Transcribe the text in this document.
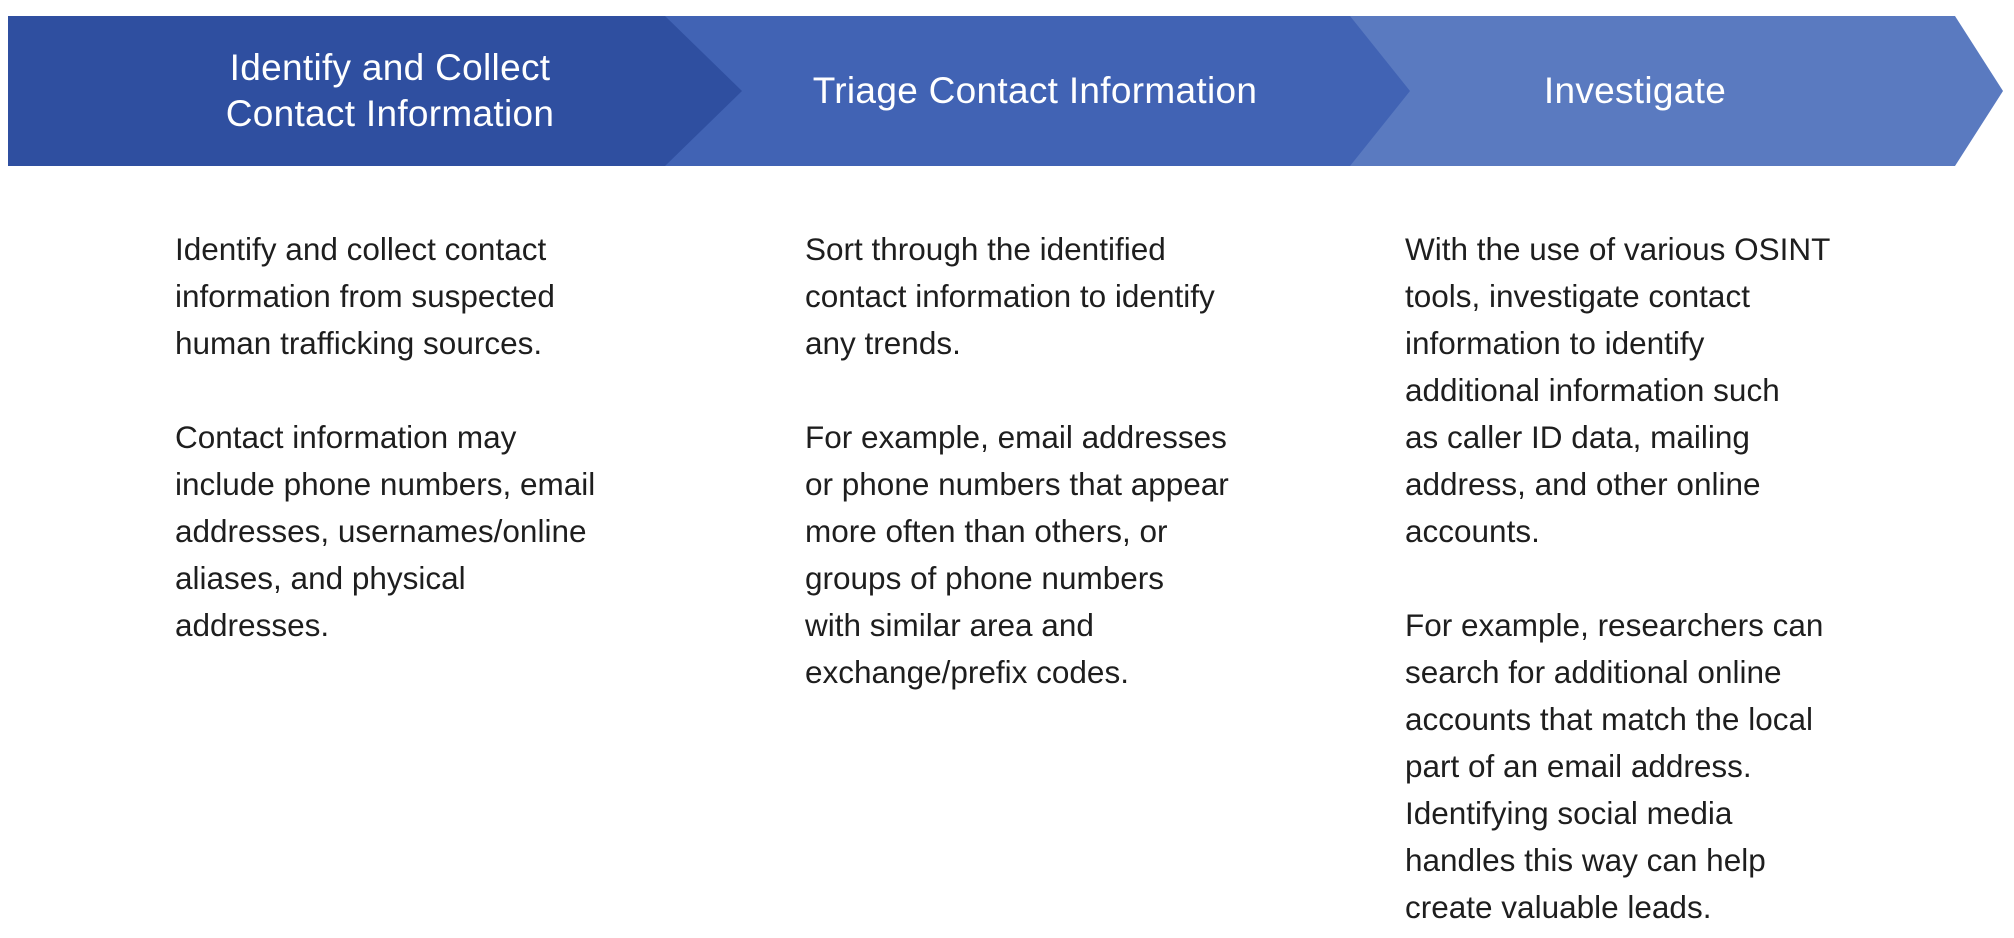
Identify and Collect
Contact Information
Triage Contact Information	Investigate

Identify and collect contact
information from suspected
human trafficking sources.

Contact information may
include phone numbers, email
addresses, usernames/online
aliases, and physical
addresses.

Sort through the identified
contact information to identify
any trends.

For example, email addresses
or phone numbers that appear
more often than others, or
groups of phone numbers
with similar area and
exchange/prefix codes.

With the use of various OSINT
tools, investigate contact
information to identify
additional information such
as caller ID data, mailing
address, and other online
accounts.

For example, researchers can
search for additional online
accounts that match the local
part of an email address.
Identifying social media
handles this way can help
create valuable leads.
